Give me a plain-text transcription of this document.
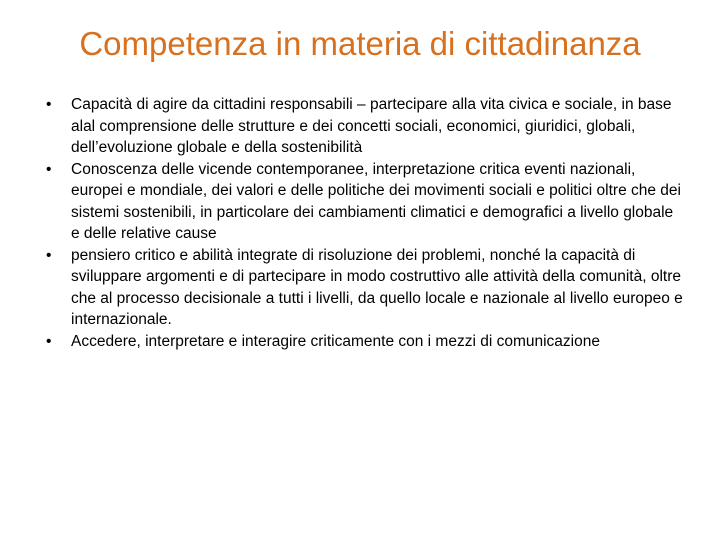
Competenza in materia di cittadinanza
•	Capacità di agire da cittadini responsabili – partecipare alla vita civica e sociale, in base alal comprensione delle strutture e dei concetti sociali, economici, giuridici, globali, dell’evoluzione globale e della sostenibilità
•	Conoscenza delle vicende contemporanee, interpretazione critica eventi nazionali, europei e mondiale, dei valori e delle politiche dei movimenti sociali e politici oltre che dei sistemi sostenibili, in particolare dei cambiamenti climatici e demografici a livello globale e delle relative cause
•	pensiero critico e abilità integrate di risoluzione dei problemi, nonché la capacità di sviluppare argomenti e di partecipare in modo costruttivo alle attività della comunità, oltre che al processo decisionale a tutti i livelli, da quello locale e nazionale al livello europeo e internazionale.
•	Accedere, interpretare e interagire criticamente con i mezzi di comunicazione
